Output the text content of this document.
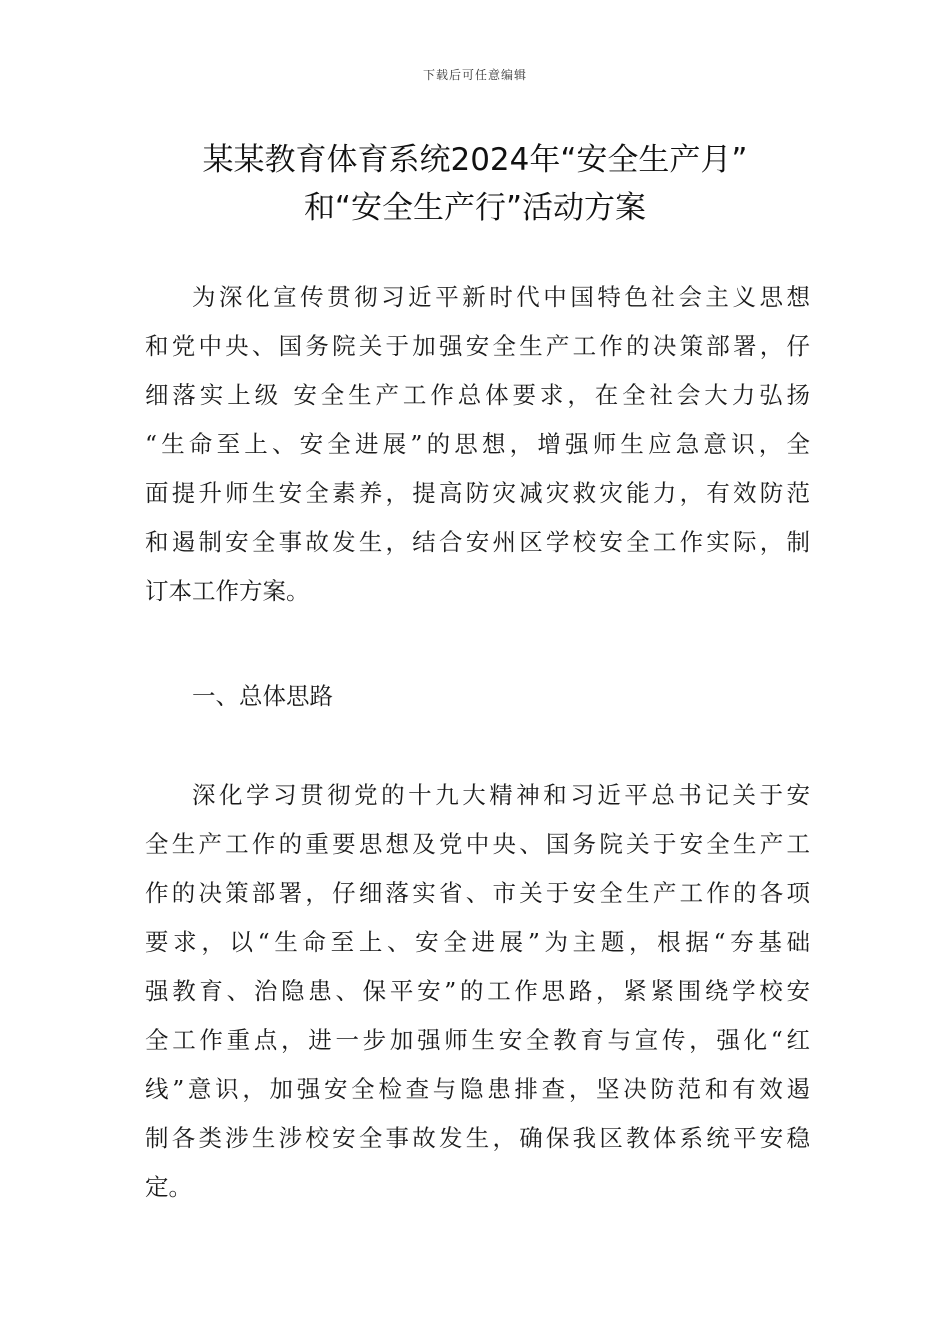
下载后可任意编辑
某某教育体育系统2024年“安全生产月”
和“安全生产行”活动方案
为深化宣传贯彻习近平新时代中国特色社会主义思想
和党中央、国务院关于加强安全生产工作的决策部署，仔
细落实上级 安全生产工作总体要求，在全社会大力弘扬
“生命至上、安全进展”的思想，增强师生应急意识，全
面提升师生安全素养，提高防灾减灾救灾能力，有效防范
和遏制安全事故发生，结合安州区学校安全工作实际，制
订本工作方案。
一、总体思路
深化学习贯彻党的十九大精神和习近平总书记关于安
全生产工作的重要思想及党中央、国务院关于安全生产工
作的决策部署，仔细落实省、市关于安全生产工作的各项
要求，以“生命至上、安全进展”为主题，根据“夯基础
强教育、治隐患、保平安”的工作思路，紧紧围绕学校安
全工作重点，进一步加强师生安全教育与宣传，强化“红
线”意识，加强安全检查与隐患排查，坚决防范和有效遏
制各类涉生涉校安全事故发生，确保我区教体系统平安稳
定。
